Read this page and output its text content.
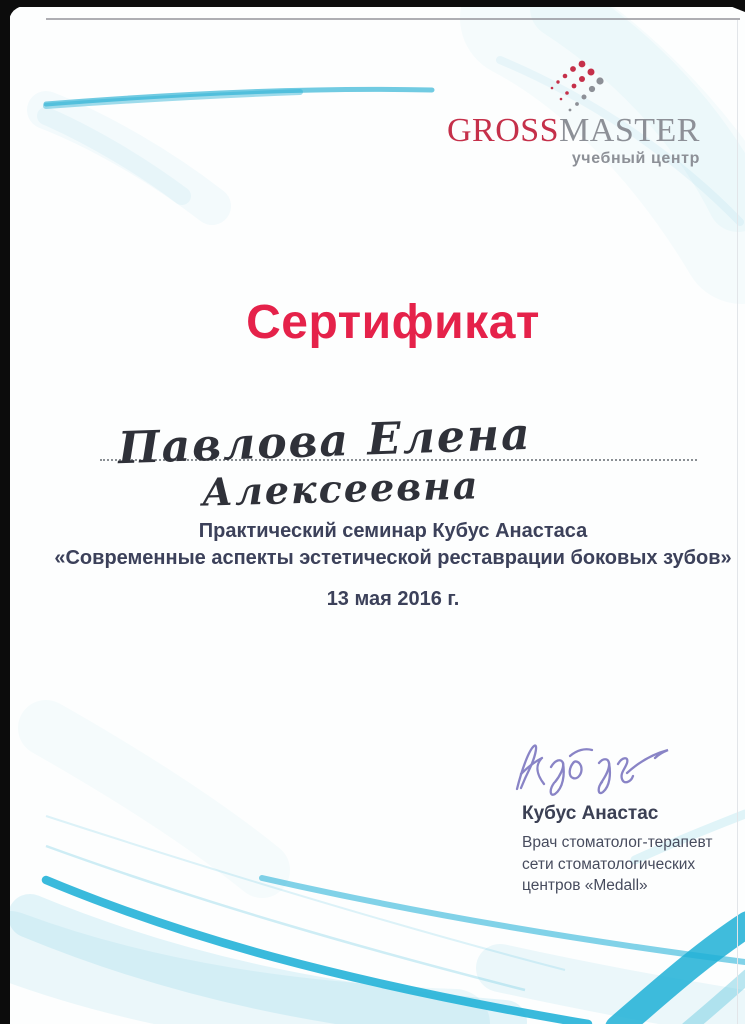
GROSSMASTER
учебный центр
Сертификат
Павлова Елена
Алексеевна
Практический семинар Кубус Анастаса
«Современные аспекты эстетической реставрации боковых зубов»
13 мая 2016 г.
Кубус Анастас
Врач стоматолог-терапевт
сети стоматологических
центров «Medall»
